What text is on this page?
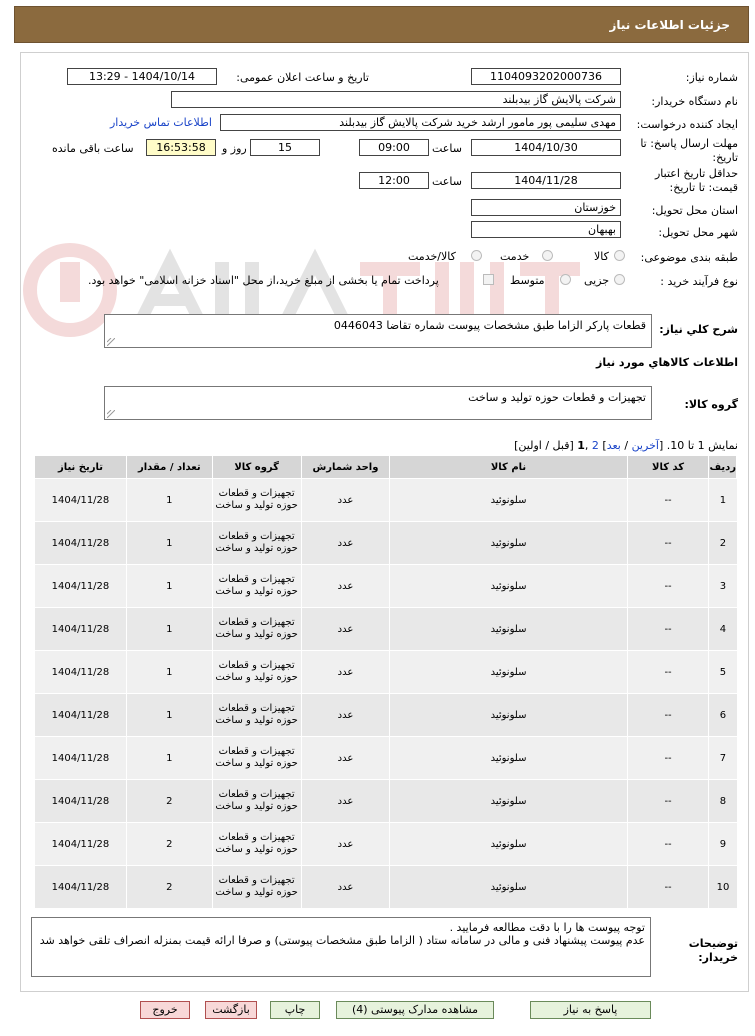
جزئیات اطلاعات نیاز
شماره نیاز:
1104093202000736
تاریخ و ساعت اعلان عمومی:
1404/10/14 - 13:29
نام دستگاه خریدار:
شرکت پالایش گاز بیدبلند
ایجاد کننده درخواست:
مهدی سلیمی پور مامور ارشد خرید شرکت پالایش گاز بیدبلند
اطلاعات تماس خریدار
مهلت ارسال پاسخ: تا
تاریخ:
1404/10/30
ساعت
09:00
15
روز و
16:53:58
ساعت باقی مانده
حداقل تاریخ اعتبار
قیمت: تا تاریخ:
1404/11/28
ساعت
12:00
استان محل تحویل:
خوزستان
شهر محل تحویل:
بهبهان
طبقه بندی موضوعی:
کالا
خدمت
کالا/خدمت
نوع فرآیند خرید :
جزیی
متوسط
پرداخت تمام یا بخشی از مبلغ خرید،از محل "اسناد خزانه اسلامی" خواهد بود.
شرح کلي نياز:
قطعات پارکر الزاما طبق مشخصات پیوست شماره تقاضا 0446043
اطلاعات کالاهاي مورد نياز
گروه کالا:
تجهیزات و قطعات حوزه تولید و ساخت
نمایش 1 تا 10. [آخرین / بعد] 2 ,1 [قبل / اولین]
ردیف	کد کالا	نام کالا	واحد شمارش	گروه کالا	تعداد / مقدار	تاریخ نیاز
1	--	سلونوئید	عدد	تجهیزات و قطعات حوزه تولید و ساخت	1	1404/11/28
2	--	سلونوئید	عدد	تجهیزات و قطعات حوزه تولید و ساخت	1	1404/11/28
3	--	سلونوئید	عدد	تجهیزات و قطعات حوزه تولید و ساخت	1	1404/11/28
4	--	سلونوئید	عدد	تجهیزات و قطعات حوزه تولید و ساخت	1	1404/11/28
5	--	سلونوئید	عدد	تجهیزات و قطعات حوزه تولید و ساخت	1	1404/11/28
6	--	سلونوئید	عدد	تجهیزات و قطعات حوزه تولید و ساخت	1	1404/11/28
7	--	سلونوئید	عدد	تجهیزات و قطعات حوزه تولید و ساخت	1	1404/11/28
8	--	سلونوئید	عدد	تجهیزات و قطعات حوزه تولید و ساخت	2	1404/11/28
9	--	سلونوئید	عدد	تجهیزات و قطعات حوزه تولید و ساخت	2	1404/11/28
10	--	سلونوئید	عدد	تجهیزات و قطعات حوزه تولید و ساخت	2	1404/11/28
توضیحات خریدار:
توجه پیوست ها را با دقت مطالعه فرمایید .
عدم پیوست پیشنهاد فنی و مالی در سامانه ستاد ( الزاما طبق مشخصات پیوستی) و صرفا ارائه قیمت بمنزله انصراف تلقی خواهد شد
پاسخ به نیاز
مشاهده مدارک پیوستی (4)
چاپ
بازگشت
خروج
